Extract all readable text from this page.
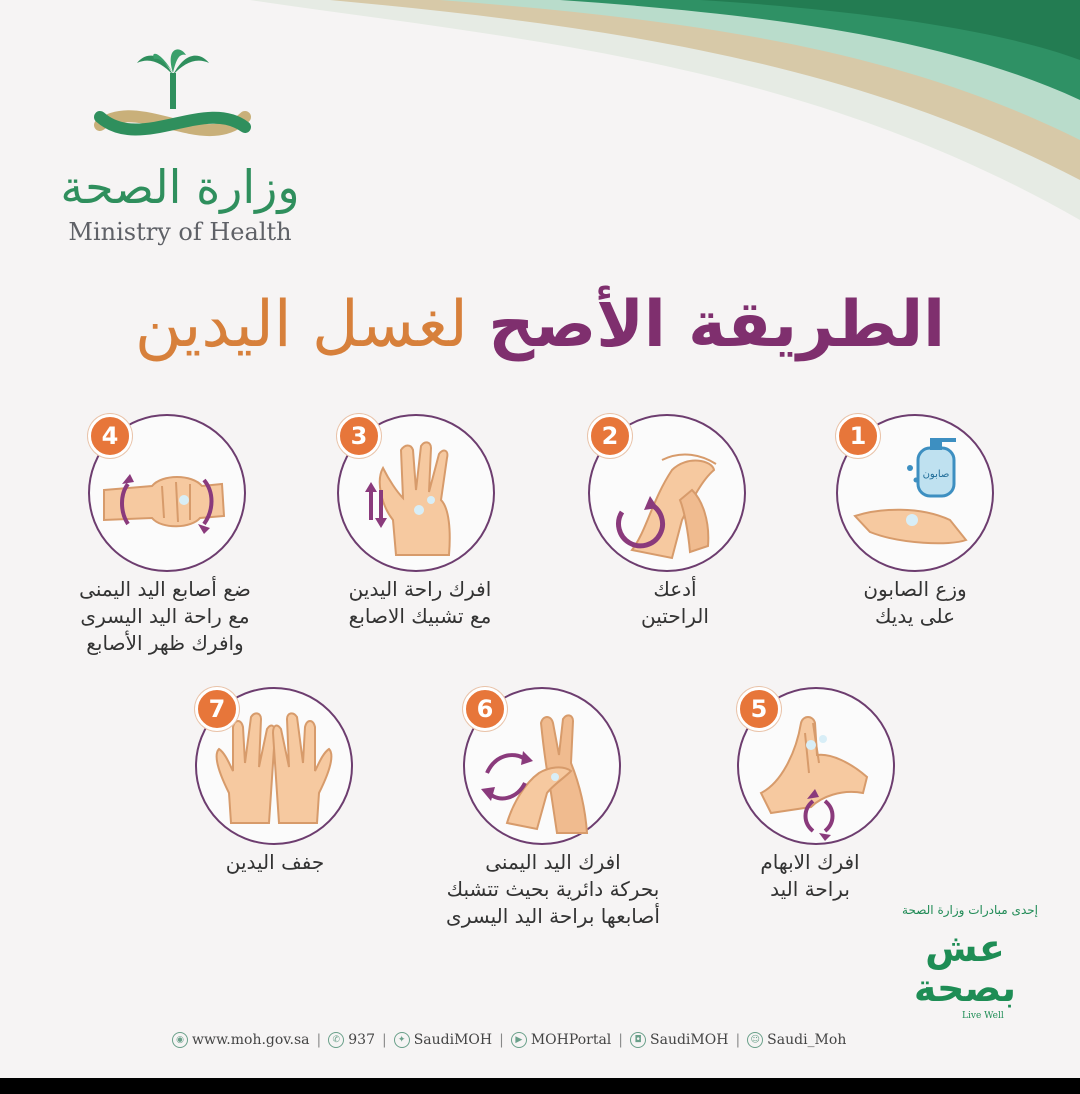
وزارة الصحة
Ministry of Health
الطريقة الأصح لغسل اليدين
صابون
1
وزع الصابون
على يديك
2
أدعك
الراحتين
3
افرك راحة اليدين
مع تشبيك الاصابع
4
ضع أصابع اليد اليمنى
مع راحة اليد اليسرى
وافرك ظهر الأصابع
5
افرك الابهام
براحة اليد
6
افرك اليد اليمنى
بحركة دائرية بحيث تتشبك
أصابعها براحة اليد اليسرى
7
جفف اليدين
إحدى مبادرات وزارة الصحة
عش
بصحة
Live Well
◉ www.moh.gov.sa |	✆ 937 |	✦ SaudiMOH |	▶ MOHPortal |	◘ SaudiMOH |	☺ Saudi_Moh
